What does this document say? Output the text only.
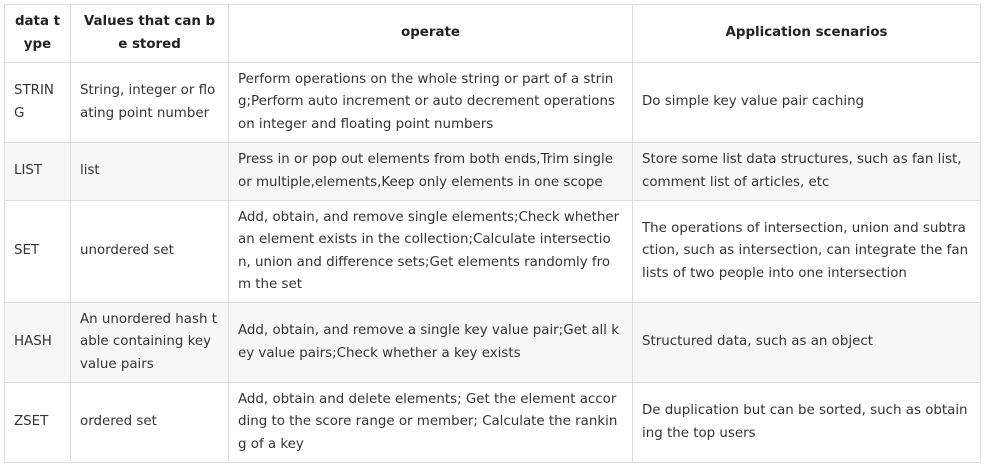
data type	Values that can be stored	operate	Application scenarios
STRING	String, integer or floating point number	Perform operations on the whole string or part of a string;Perform auto increment or auto decrement operations on integer and floating point numbers	Do simple key value pair caching
LIST	list	Press in or pop out elements from both ends,Trim single or multiple,elements,Keep only elements in one scope	Store some list data structures, such as fan list, comment list of articles, etc
SET	unordered set	Add, obtain, and remove single elements;Check whether an element exists in the collection;Calculate intersection, union and difference sets;Get elements randomly from the set	The operations of intersection, union and subtraction, such as intersection, can integrate the fan lists of two people into one intersection
HASH	An unordered hash table containing key value pairs	Add, obtain, and remove a single key value pair;Get all key value pairs;Check whether a key exists	Structured data, such as an object
ZSET	ordered set	Add, obtain and delete elements; Get the element according to the score range or member; Calculate the ranking of a key	De duplication but can be sorted, such as obtaining the top users
